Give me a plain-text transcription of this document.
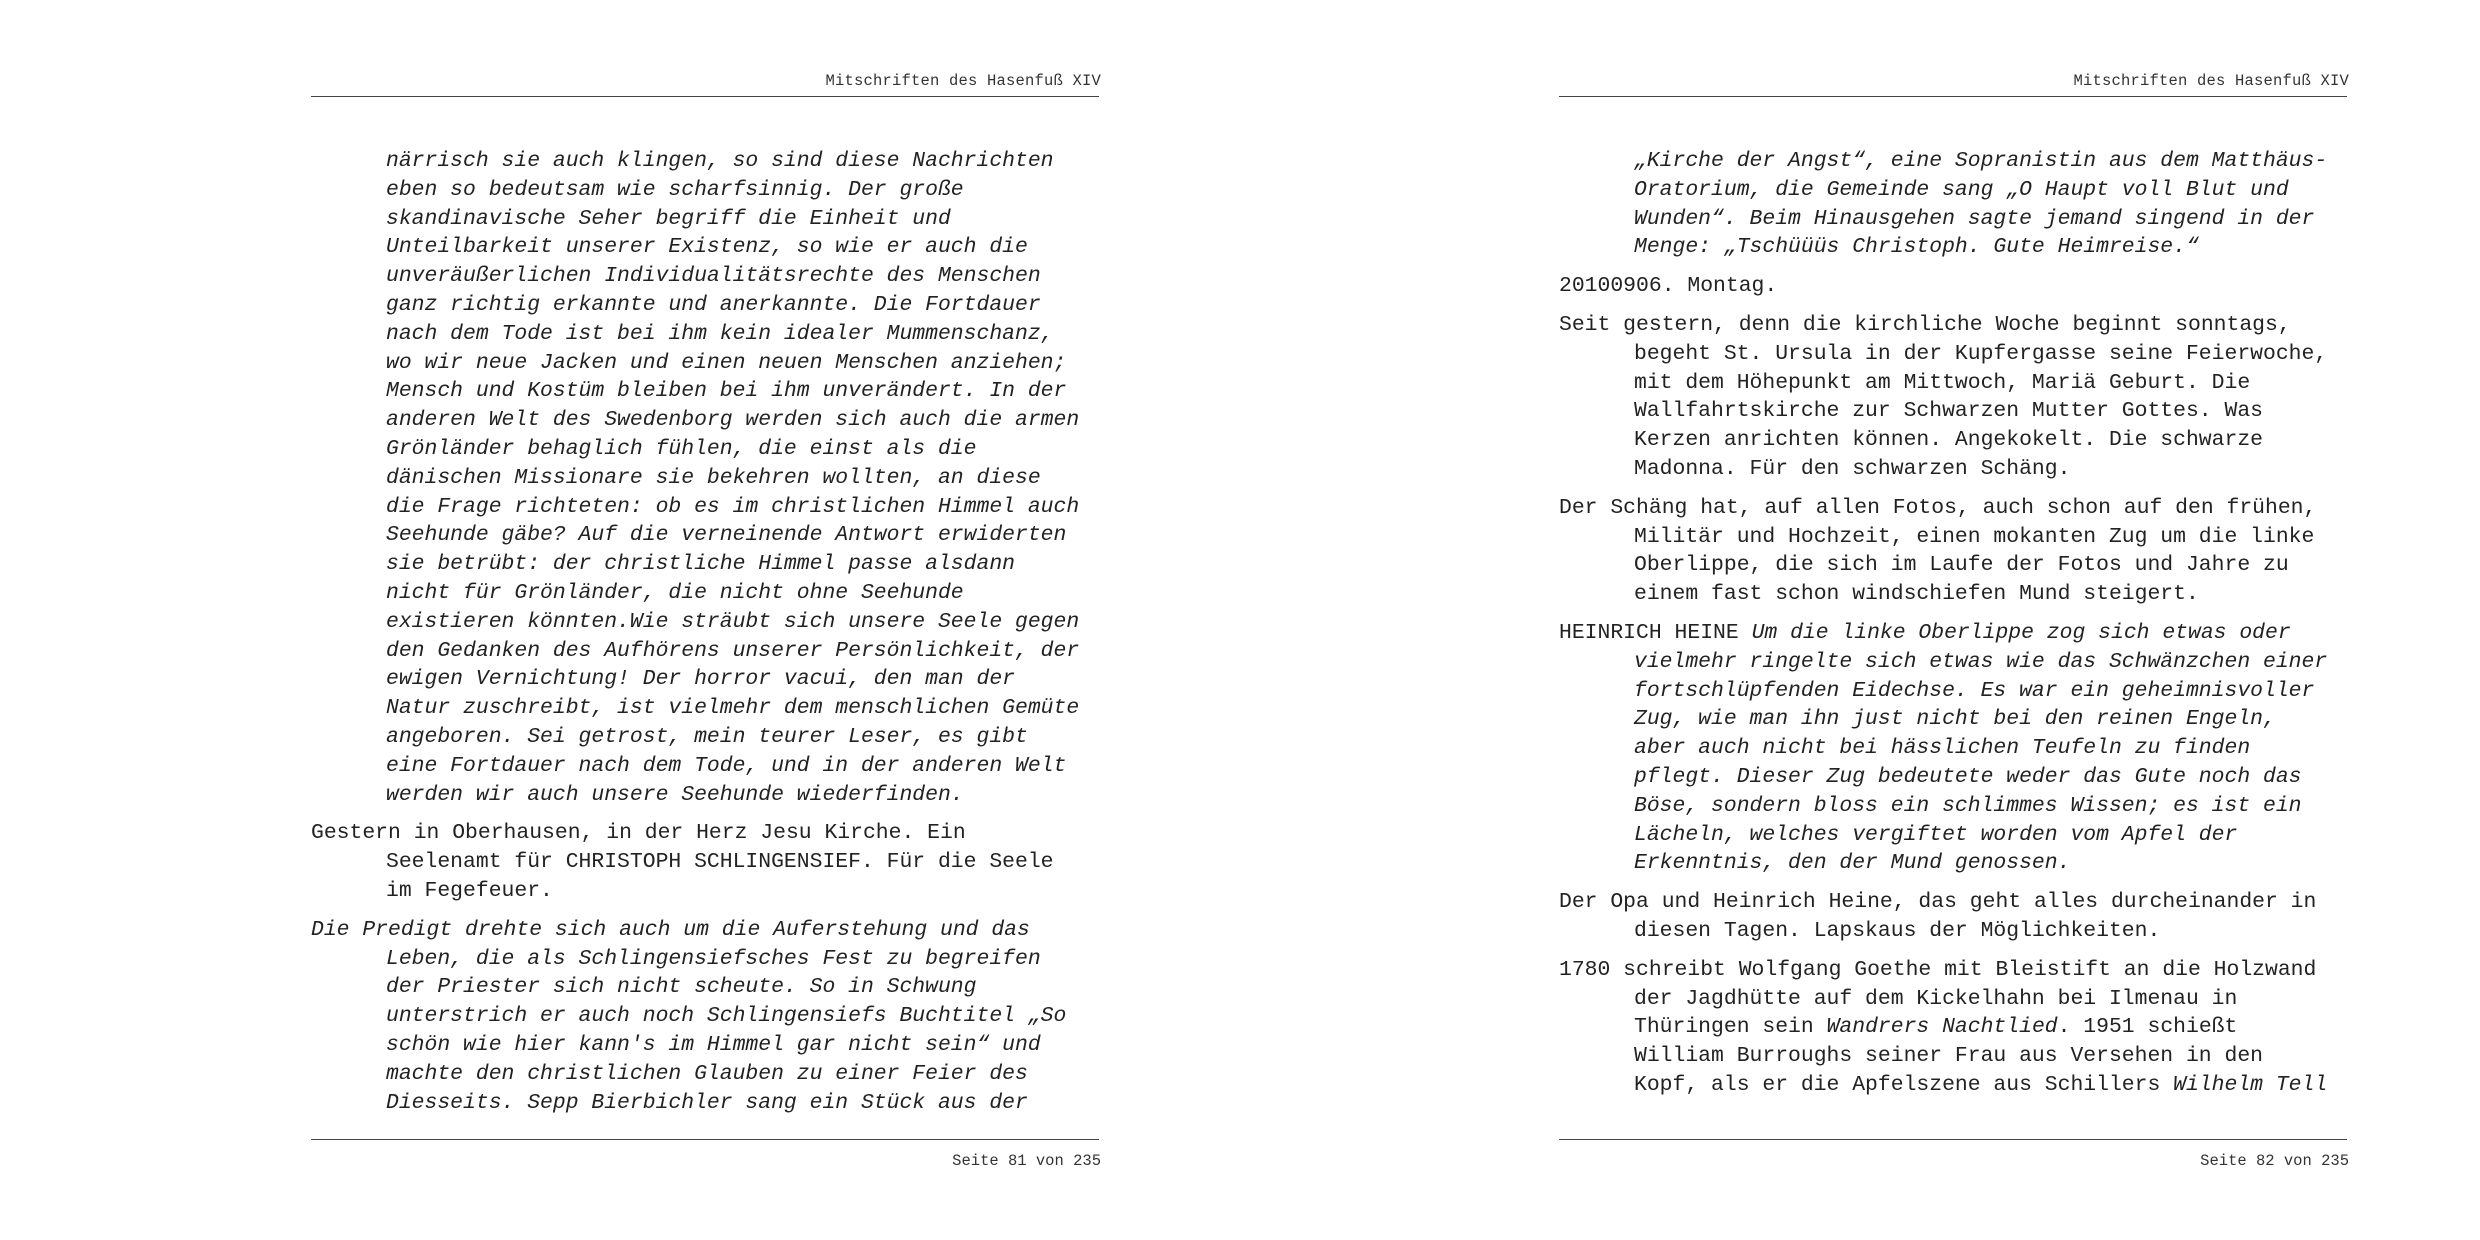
Mitschriften des Hasenfuß XIV
närrisch sie auch klingen, so sind diese Nachrichten
eben so bedeutsam wie scharfsinnig. Der große
skandinavische Seher begriff die Einheit und
Unteilbarkeit unserer Existenz, so wie er auch die
unveräußerlichen Individualitätsrechte des Menschen
ganz richtig erkannte und anerkannte. Die Fortdauer
nach dem Tode ist bei ihm kein idealer Mummenschanz,
wo wir neue Jacken und einen neuen Menschen anziehen;
Mensch und Kostüm bleiben bei ihm unverändert. In der
anderen Welt des Swedenborg werden sich auch die armen
Grönländer behaglich fühlen, die einst als die
dänischen Missionare sie bekehren wollten, an diese
die Frage richteten: ob es im christlichen Himmel auch
Seehunde gäbe? Auf die verneinende Antwort erwiderten
sie betrübt: der christliche Himmel passe alsdann
nicht für Grönländer, die nicht ohne Seehunde
existieren könnten.Wie sträubt sich unsere Seele gegen
den Gedanken des Aufhörens unserer Persönlichkeit, der
ewigen Vernichtung! Der horror vacui, den man der
Natur zuschreibt, ist vielmehr dem menschlichen Gemüte
angeboren. Sei getrost, mein teurer Leser, es gibt
eine Fortdauer nach dem Tode, und in der anderen Welt
werden wir auch unsere Seehunde wiederfinden.
Gestern in Oberhausen, in der Herz Jesu Kirche. Ein
Seelenamt für CHRISTOPH SCHLINGENSIEF. Für die Seele
im Fegefeuer.
Die Predigt drehte sich auch um die Auferstehung und das
Leben, die als Schlingensiefsches Fest zu begreifen
der Priester sich nicht scheute. So in Schwung
unterstrich er auch noch Schlingensiefs Buchtitel „So
schön wie hier kann's im Himmel gar nicht sein“ und
machte den christlichen Glauben zu einer Feier des
Diesseits. Sepp Bierbichler sang ein Stück aus der
Seite 81 von 235
Mitschriften des Hasenfuß XIV
„Kirche der Angst“, eine Sopranistin aus dem Matthäus-
Oratorium, die Gemeinde sang „O Haupt voll Blut und
Wunden“. Beim Hinausgehen sagte jemand singend in der
Menge: „Tschüüüs Christoph. Gute Heimreise.“
20100906. Montag.
Seit gestern, denn die kirchliche Woche beginnt sonntags,
begeht St. Ursula in der Kupfergasse seine Feierwoche,
mit dem Höhepunkt am Mittwoch, Mariä Geburt. Die
Wallfahrtskirche zur Schwarzen Mutter Gottes. Was
Kerzen anrichten können. Angekokelt. Die schwarze
Madonna. Für den schwarzen Schäng.
Der Schäng hat, auf allen Fotos, auch schon auf den frühen,
Militär und Hochzeit, einen mokanten Zug um die linke
Oberlippe, die sich im Laufe der Fotos und Jahre zu
einem fast schon windschiefen Mund steigert.
HEINRICH HEINE Um die linke Oberlippe zog sich etwas oder
vielmehr ringelte sich etwas wie das Schwänzchen einer
fortschlüpfenden Eidechse. Es war ein geheimnisvoller
Zug, wie man ihn just nicht bei den reinen Engeln,
aber auch nicht bei hässlichen Teufeln zu finden
pflegt. Dieser Zug bedeutete weder das Gute noch das
Böse, sondern bloss ein schlimmes Wissen; es ist ein
Lächeln, welches vergiftet worden vom Apfel der
Erkenntnis, den der Mund genossen.
Der Opa und Heinrich Heine, das geht alles durcheinander in
diesen Tagen. Lapskaus der Möglichkeiten.
1780 schreibt Wolfgang Goethe mit Bleistift an die Holzwand
der Jagdhütte auf dem Kickelhahn bei Ilmenau in
Thüringen sein Wandrers Nachtlied. 1951 schießt
William Burroughs seiner Frau aus Versehen in den
Kopf, als er die Apfelszene aus Schillers Wilhelm Tell
Seite 82 von 235
